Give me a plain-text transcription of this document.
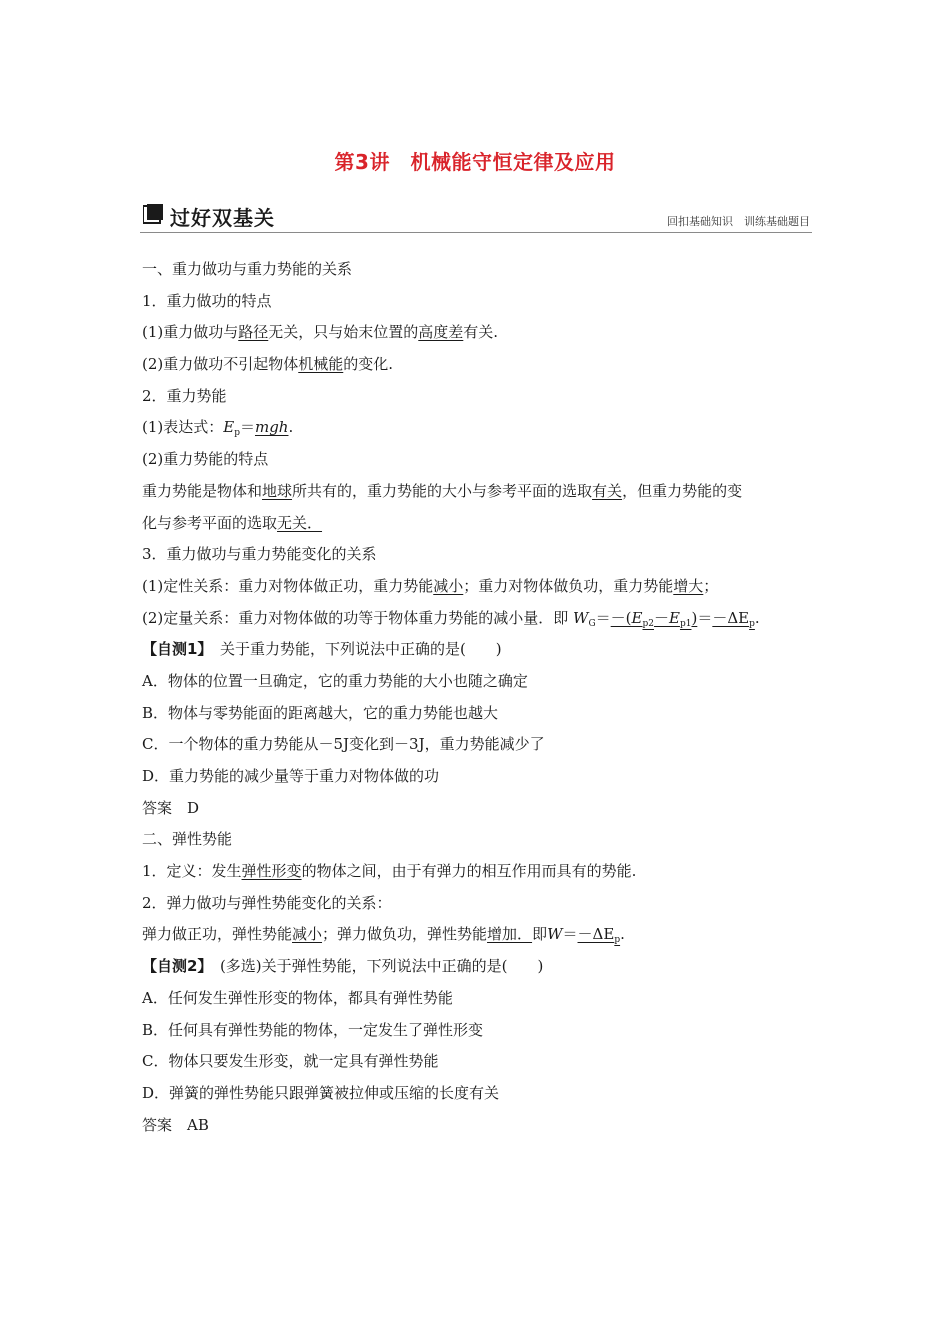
第3讲　机械能守恒定律及应用
过好双基关	回扣基础知识　训练基础题目
一、重力做功与重力势能的关系
1．重力做功的特点
(1)重力做功与路径无关，只与始末位置的高度差有关.
(2)重力做功不引起物体机械能的变化.
2．重力势能
(1)表达式：$E_p=mgh$.
(2)重力势能的特点
重力势能是物体和地球所共有的，重力势能的大小与参考平面的选取有关，但重力势能的变
化与参考平面的选取无关．
3．重力做功与重力势能变化的关系
(1)定性关系：重力对物体做正功，重力势能减小；重力对物体做负功，重力势能增大；
(2)定量关系：重力对物体做的功等于物体重力势能的减小量．即 $W_G=-(E_{p2}-E_{p1})=-\Delta E_p$.
【自测1】　关于重力势能，下列说法中正确的是(　　)
A．物体的位置一旦确定，它的重力势能的大小也随之确定
B．物体与零势能面的距离越大，它的重力势能也越大
C．一个物体的重力势能从－5J变化到－3J，重力势能减少了
D．重力势能的减少量等于重力对物体做的功
答案　D
二、弹性势能
1．定义：发生弹性形变的物体之间，由于有弹力的相互作用而具有的势能.
2．弹力做功与弹性势能变化的关系：
弹力做正功，弹性势能减小；弹力做负功，弹性势能增加．即$W=-\Delta E_p$.
【自测2】　(多选)关于弹性势能，下列说法中正确的是(　　)
A．任何发生弹性形变的物体，都具有弹性势能
B．任何具有弹性势能的物体，一定发生了弹性形变
C．物体只要发生形变，就一定具有弹性势能
D．弹簧的弹性势能只跟弹簧被拉伸或压缩的长度有关
答案　AB
